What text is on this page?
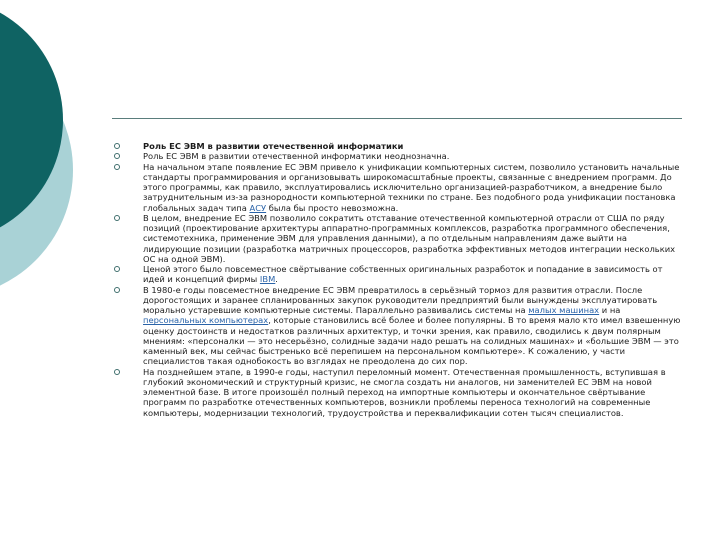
Роль ЕС ЭВМ в развитии отечественной информатики
Роль ЕС ЭВМ в развитии отечественной информатики неоднозначна.
На начальном этапе появление ЕС ЭВМ привело к унификации компьютерных систем, позволило установить начальные стандарты программирования и организовывать широкомасштабные проекты, связанные с внедрением программ. До этого программы, как правило, эксплуатировались исключительно организацией-разработчиком, а внедрение было затруднительным из-за разнородности компьютерной техники по стране. Без подобного рода унификации постановка глобальных задач типа АСУ была бы просто невозможна.
В целом, внедрение ЕС ЭВМ позволило сократить отставание отечественной компьютерной отрасли от США по ряду позиций (проектирование архитектуры аппаратно-программных комплексов, разработка программного обеспечения, системотехника, применение ЭВМ для управления данными), а по отдельным направлениям даже выйти на лидирующие позиции (разработка матричных процессоров, разработка эффективных методов интеграции нескольких ОС на одной ЭВМ).
Ценой этого было повсеместное свёртывание собственных оригинальных разработок и попадание в зависимость от идей и концепций фирмы IBM.
В 1980-е годы повсеместное внедрение ЕС ЭВМ превратилось в серьёзный тормоз для развития отрасли. После дорогостоящих и заранее спланированных закупок руководители предприятий были вынуждены эксплуатировать морально устаревшие компьютерные системы. Параллельно развивались системы на малых машинах и на персональных компьютерах, которые становились всё более и более популярны. В то время мало кто имел взвешенную оценку достоинств и недостатков различных архитектур, и точки зрения, как правило, сводились к двум полярным мнениям: «персоналки — это несерьёзно, солидные задачи надо решать на солидных машинах» и «большие ЭВМ — это каменный век, мы сейчас быстренько всё перепишем на персональном компьютере». К сожалению, у части специалистов такая однобокость во взглядах не преодолена до сих пор.
На позднейшем этапе, в 1990-е годы, наступил переломный момент. Отечественная промышленность, вступившая в глубокий экономический и структурный кризис, не смогла создать ни аналогов, ни заменителей ЕС ЭВМ на новой элементной базе. В итоге произошёл полный переход на импортные компьютеры и окончательное свёртывание программ по разработке отечественных компьютеров, возникли проблемы переноса технологий на современные компьютеры, модернизации технологий, трудоустройства и переквалификации сотен тысяч специалистов.
